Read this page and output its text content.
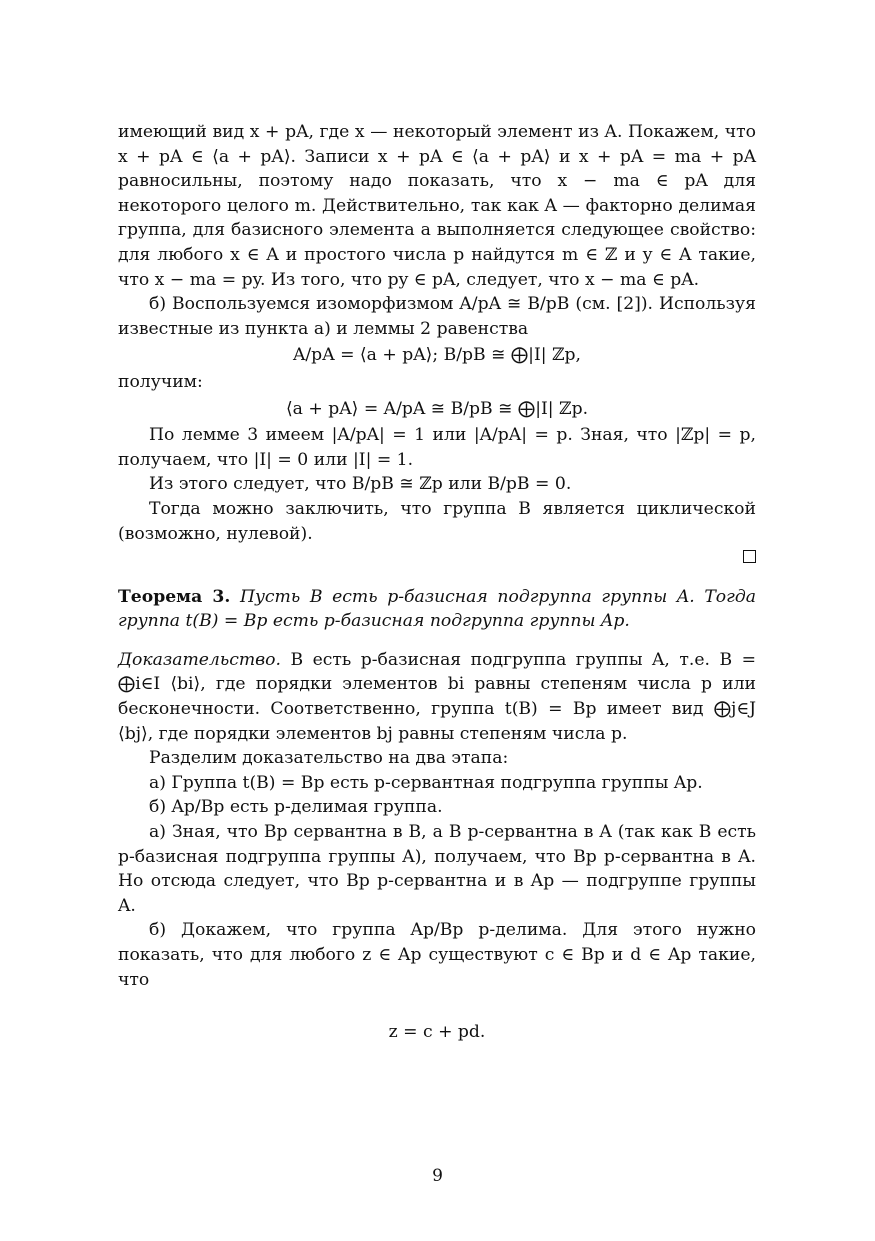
имеющий вид x + pA, где x — некоторый элемент из A. Покажем, что x + pA ∈ ⟨a + pA⟩. Записи x + pA ∈ ⟨a + pA⟩ и x + pA = ma + pA равносильны, поэтому надо показать, что x − ma ∈ pA для некоторого целого m. Действительно, так как A — факторно делимая группа, для базисного элемента a выполняется следующее свойство: для любого x ∈ A и простого числа p найдутся m ∈ ℤ и y ∈ A такие, что x − ma = py. Из того, что py ∈ pA, следует, что x − ma ∈ pA.

б) Воспользуемся изоморфизмом A/pA ≅ B/pB (см. [2]). Используя известные из пункта а) и леммы 2 равенства

A/pA = ⟨a + pA⟩; B/pB ≅ ⨁|I| ℤp,

получим:

⟨a + pA⟩ = A/pA ≅ B/pB ≅ ⨁|I| ℤp.

По лемме 3 имеем |A/pA| = 1 или |A/pA| = p. Зная, что |ℤp| = p, получаем, что |I| = 0 или |I| = 1.

Из этого следует, что B/pB ≅ ℤp или B/pB = 0.

Тогда можно заключить, что группа B является циклической (возможно, нулевой).

Теорема 3. Пусть B есть p-базисная подгруппа группы A. Тогда группа t(B) = Bp есть p-базисная подгруппа группы Ap.

Доказательство. B есть p-базисная подгруппа группы A, т.е. B = ⨁i∈I ⟨bi⟩, где порядки элементов bi равны степеням числа p или бесконечности. Соответственно, группа t(B) = Bp имеет вид ⨁j∈J ⟨bj⟩, где порядки элементов bj равны степеням числа p.

Разделим доказательство на два этапа:

а) Группа t(B) = Bp есть p-сервантная подгруппа группы Ap.

б) Ap/Bp есть p-делимая группа.

а) Зная, что Bp сервантна в B, а B p-сервантна в A (так как B есть p-базисная подгруппа группы A), получаем, что Bp p-сервантна в A. Но отсюда следует, что Bp p-сервантна и в Ap — подгруппе группы A.

б) Докажем, что группа Ap/Bp p-делима. Для этого нужно показать, что для любого z ∈ Ap существуют c ∈ Bp и d ∈ Ap такие, что

z = c + pd.

9
